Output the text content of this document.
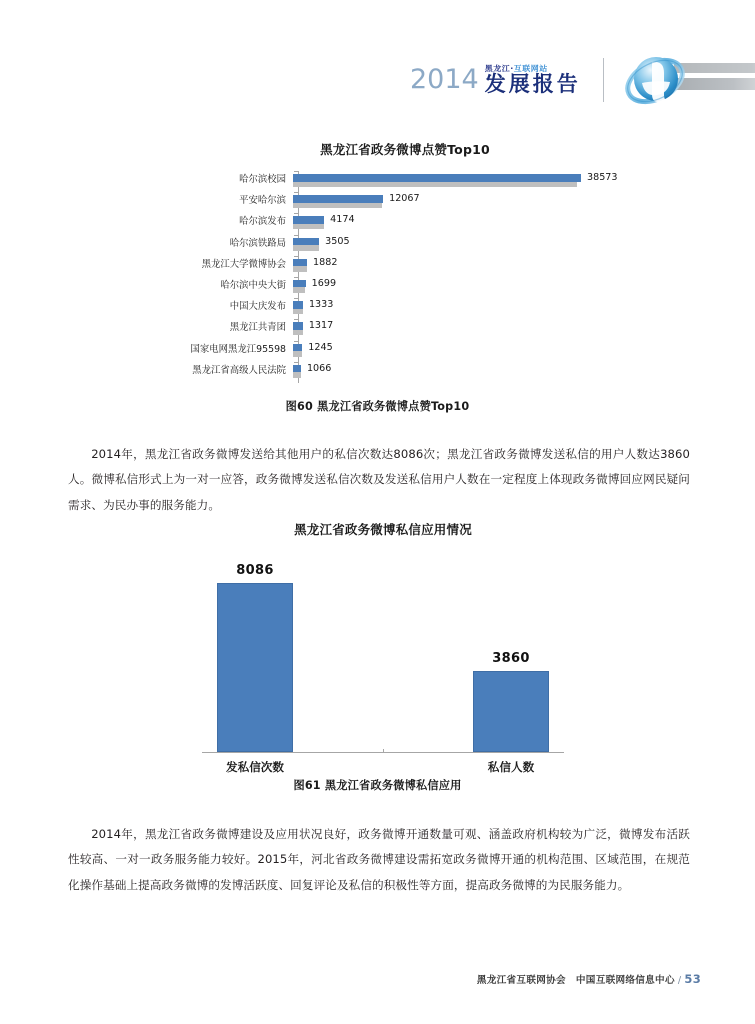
2014 黑龙江·互联网站
发展报告
黑龙江省政务微博点赞Top10
哈尔滨校园	38573
平安哈尔滨	12067
哈尔滨发布	4174
哈尔滨铁路局	3505
黑龙江大学微博协会	1882
哈尔滨中央大街	1699
中国大庆发布	1333
黑龙江共青团	1317
国家电网黑龙江95598	1245
黑龙江省高级人民法院	1066
图60 黑龙江省政务微博点赞Top10

2014年，黑龙江省政务微博发送给其他用户的私信次数达8086次；黑龙江省政务微博发送私信的用户人数达3860人。微博私信形式上为一对一应答，政务微博发送私信次数及发送私信用户人数在一定程度上体现政务微博回应网民疑问需求、为民办事的服务能力。

黑龙江省政务微博私信应用情况
8086
3860
发私信次数	私信人数
图61 黑龙江省政务微博私信应用

2014年，黑龙江省政务微博建设及应用状况良好，政务微博开通数量可观、涵盖政府机构较为广泛，微博发布活跃性较高、一对一政务服务能力较好。2015年，河北省政务微博建设需拓宽政务微博开通的机构范围、区域范围，在规范化操作基础上提高政务微博的发博活跃度、回复评论及私信的积极性等方面，提高政务微博的为民服务能力。

黑龙江省互联网协会 中国互联网络信息中心 / 53
